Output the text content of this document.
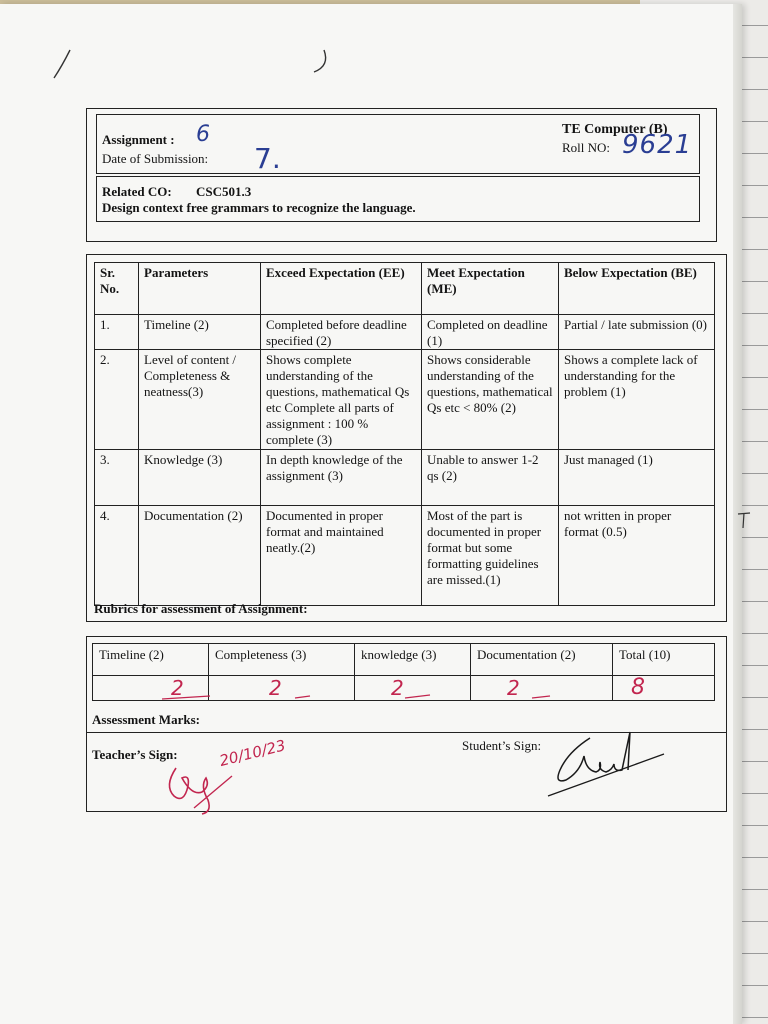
Assignment : 6
Date of Submission: 7.
TE Computer (B)
Roll NO: 9621
Related CO: CSC501.3
Design context free grammars to recognize the language.
Sr. No.	Parameters	Exceed Expectation (EE)	Meet Expectation (ME)	Below Expectation (BE)
1.	Timeline (2)	Completed before deadline specified (2)	Completed on deadline (1)	Partial / late submission (0)
2.	Level of content / Completeness & neatness(3)	Shows complete understanding of the questions, mathematical Qs etc Complete all parts of assignment : 100 % complete (3)	Shows considerable understanding of the questions, mathematical Qs etc < 80% (2)	Shows a complete lack of understanding for the problem (1)
3.	Knowledge (3)	In depth knowledge of the assignment (3)	Unable to answer 1-2 qs (2)	Just managed (1)
4.	Documentation (2)	Documented in proper format and maintained neatly.(2)	Most of the part is documented in proper format but some formatting guidelines are missed.(1)	not written in proper format (0.5)
Rubrics for assessment of Assignment:
Timeline (2)	Completeness (3)	knowledge (3)	Documentation (2)	Total (10)
2	2	2	2	8
Assessment Marks:
Teacher’s Sign:
Student’s Sign:
20/10/23
